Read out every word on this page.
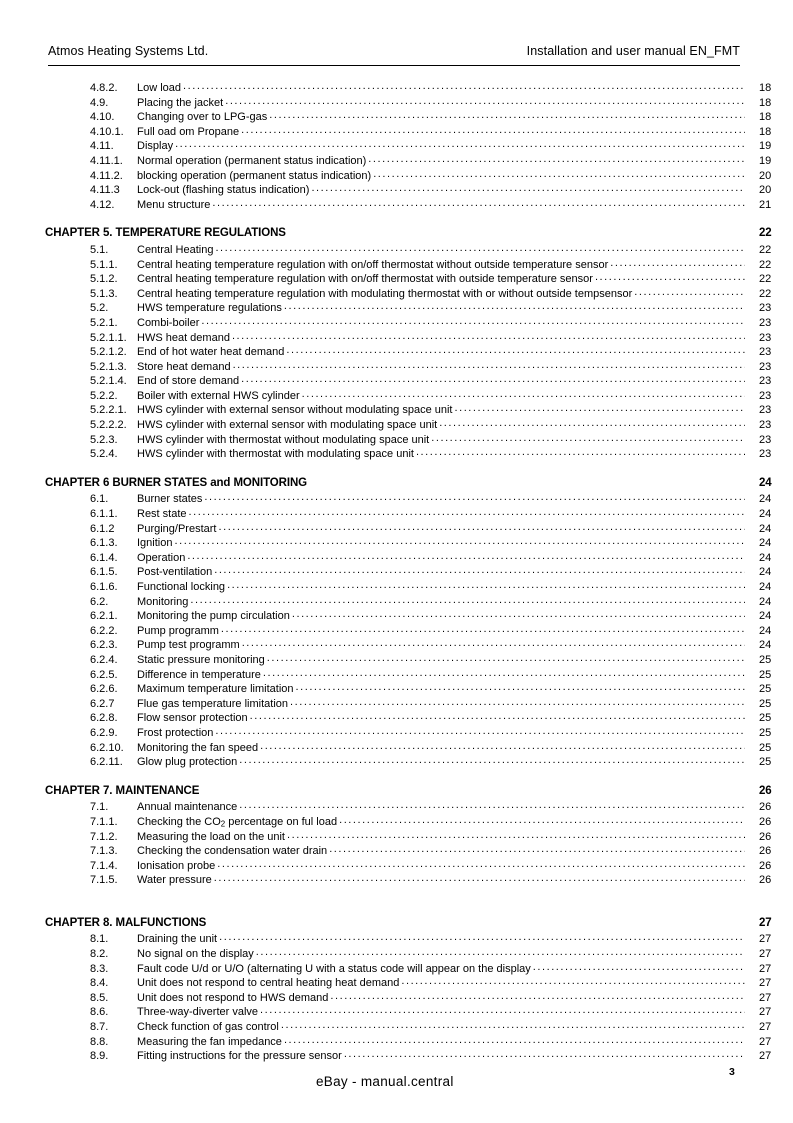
Atmos Heating Systems Ltd.	Installation and user manual EN_FMT
4.8.2.	Low load .....	18
4.9.	Placing the jacket .....	18
4.10.	Changing over to LPG-gas .....	18
4.10.1.	Full oad om Propane .....	18
4.11.	Display .....	19
4.11.1.	Normal operation (permanent status indication) .....	19
4.11.2.	blocking operation (permanent status indication) .....	20
4.11.3	Lock-out (flashing status indication) .....	20
4.12.	Menu structure .....	21
CHAPTER 5. TEMPERATURE REGULATIONS	22
5.1.	Central Heating .....	22
5.1.1.	Central heating temperature regulation with on/off thermostat without outside temperature sensor .....	22
5.1.2.	Central heating temperature regulation with on/off thermostat with outside temperature sensor .....	22
5.1.3.	Central heating temperature regulation with modulating thermostat with or without outside tempsensor .....	22
5.2.	HWS temperature regulations .....	23
5.2.1.	Combi-boiler .....	23
5.2.1.1. HWS heat demand .....	23
5.2.1.2. End of hot water heat demand .....	23
5.2.1.3. Store heat demand .....	23
5.2.1.4. End of store demand .....	23
5.2.2.	Boiler with external HWS cylinder .....	23
5.2.2.1. HWS cylinder with external sensor without modulating space unit .....	23
5.2.2.2. HWS cylinder with external sensor with modulating space unit .....	23
5.2.3.	HWS cylinder with thermostat without modulating space unit .....	23
5.2.4.	HWS cylinder with thermostat with modulating space unit .....	23
CHAPTER 6 BURNER STATES and MONITORING	24
6.1.	Burner states .....	24
6.1.1.	Rest state .....	24
6.1.2	Purging/Prestart .....	24
6.1.3.	Ignition .....	24
6.1.4.	Operation .....	24
6.1.5.	Post-ventilation .....	24
6.1.6.	Functional locking .....	24
6.2.	Monitoring .....	24
6.2.1.	Monitoring the pump circulation .....	24
6.2.2.	Pump programm .....	24
6.2.3.	Pump test programm .....	24
6.2.4.	Static pressure monitoring .....	25
6.2.5.	Difference in temperature .....	25
6.2.6.	Maximum temperature limitation .....	25
6.2.7	Flue gas temperature limitation .....	25
6.2.8.	Flow sensor protection .....	25
6.2.9.	Frost protection .....	25
6.2.10.	Monitoring the fan speed .....	25
6.2.11.	Glow plug protection .....	25
CHAPTER 7. MAINTENANCE	26
7.1.	Annual maintenance .....	26
7.1.1.	Checking the $CO_2$ percentage on ful load .....	26
7.1.2.	Measuring the load on the unit .....	26
7.1.3.	Checking the condensation water drain .....	26
7.1.4.	Ionisation probe .....	26
7.1.5.	Water pressure .....	26
CHAPTER 8. MALFUNCTIONS	27
8.1.	Draining the unit .....	27
8.2.	No signal on the display .....	27
8.3.	Fault code U/d or U/O (alternating U with a status code will appear on the display .....	27
8.4.	Unit does not respond to central heating heat demand .....	27
8.5.	Unit does not respond to HWS demand .....	27
8.6.	Three-way-diverter valve .....	27
8.7.	Check function of gas control .....	27
8.8.	Measuring the fan impedance .....	27
8.9.	Fitting instructions for the pressure sensor .....	27
eBay - manual.central
3
